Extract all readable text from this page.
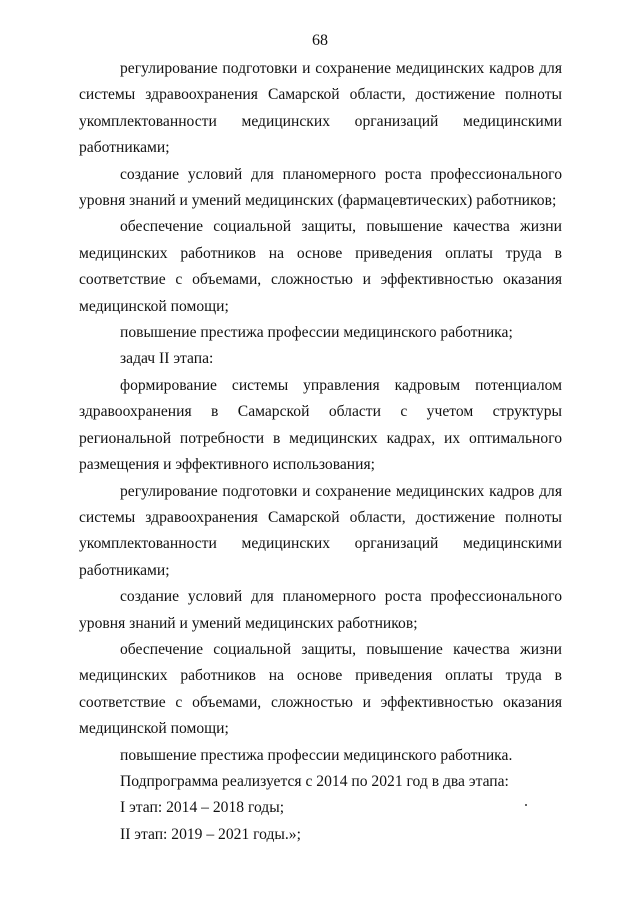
68

регулирование подготовки и сохранение медицинских кадров для системы здравоохранения Самарской области, достижение полноты укомплектованности медицинских организаций медицинскими работниками;

создание условий для планомерного роста профессионального уровня знаний и умений медицинских (фармацевтических) работников;

обеспечение социальной защиты, повышение качества жизни медицинских работников на основе приведения оплаты труда в соответствие с объемами, сложностью и эффективностью оказания медицинской помощи;

повышение престижа профессии медицинского работника;

задач II этапа:

формирование системы управления кадровым потенциалом здравоохранения в Самарской области с учетом структуры региональной потребности в медицинских кадрах, их оптимального размещения и эффективного использования;

регулирование подготовки и сохранение медицинских кадров для системы здравоохранения Самарской области, достижение полноты укомплектованности медицинских организаций медицинскими работниками;

создание условий для планомерного роста профессионального уровня знаний и умений медицинских работников;

обеспечение социальной защиты, повышение качества жизни медицинских работников на основе приведения оплаты труда в соответствие с объемами, сложностью и эффективностью оказания медицинской помощи;

повышение престижа профессии медицинского работника.

Подпрограмма реализуется с 2014 по 2021 год в два этапа:

I этап: 2014 – 2018 годы;

II этап: 2019 – 2021 годы.»;
